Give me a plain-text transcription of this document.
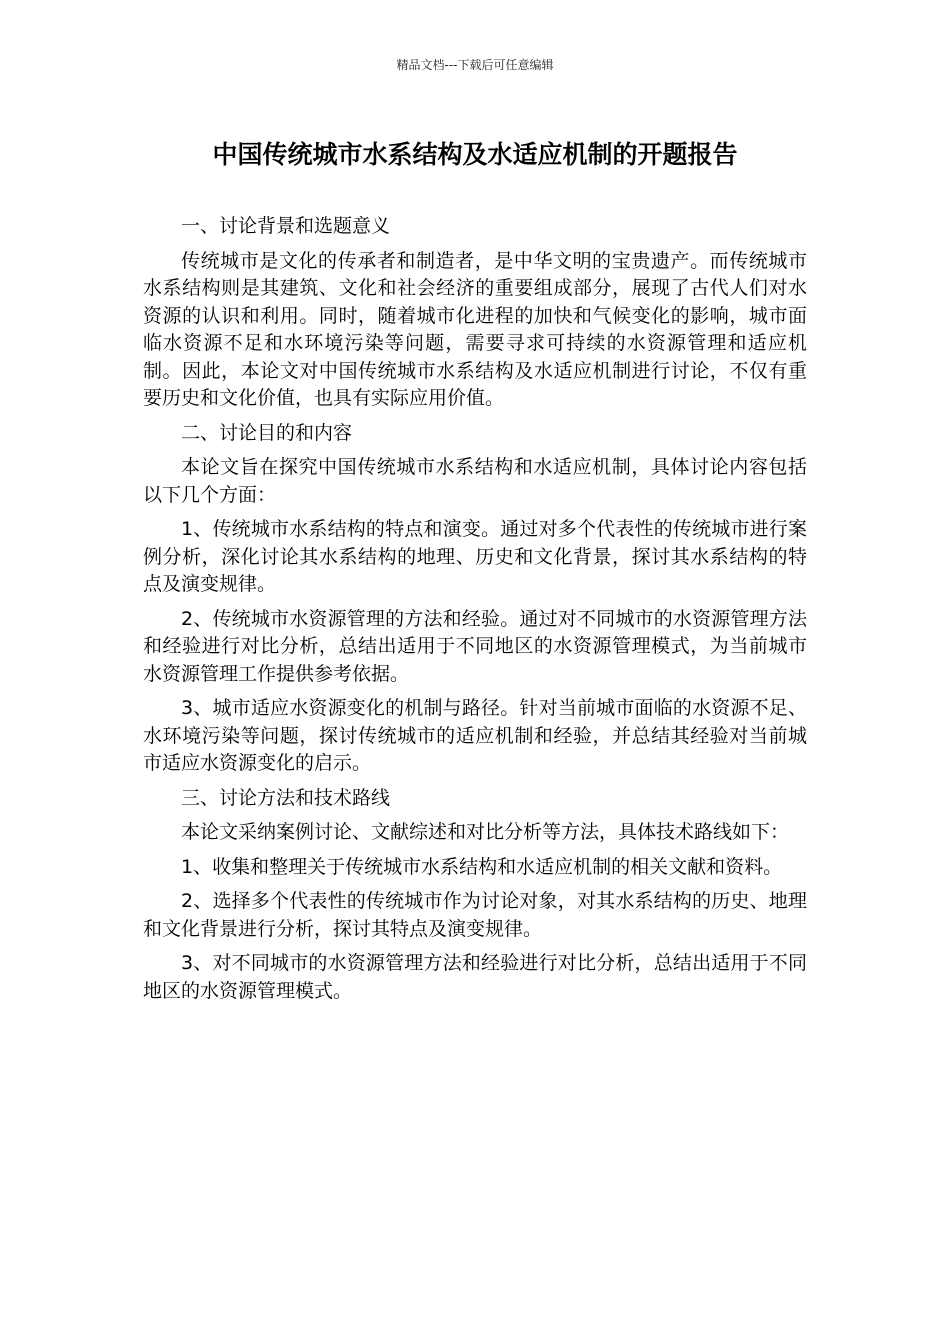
精品文档---下载后可任意编辑
中国传统城市水系结构及水适应机制的开题报告

一、讨论背景和选题意义

传统城市是文化的传承者和制造者，是中华文明的宝贵遗产。而传统城市水系结构则是其建筑、文化和社会经济的重要组成部分，展现了古代人们对水资源的认识和利用。同时，随着城市化进程的加快和气候变化的影响，城市面临水资源不足和水环境污染等问题，需要寻求可持续的水资源管理和适应机制。因此，本论文对中国传统城市水系结构及水适应机制进行讨论，不仅有重要历史和文化价值，也具有实际应用价值。

二、讨论目的和内容

本论文旨在探究中国传统城市水系结构和水适应机制，具体讨论内容包括以下几个方面：

1、传统城市水系结构的特点和演变。通过对多个代表性的传统城市进行案例分析，深化讨论其水系结构的地理、历史和文化背景，探讨其水系结构的特点及演变规律。

2、传统城市水资源管理的方法和经验。通过对不同城市的水资源管理方法和经验进行对比分析，总结出适用于不同地区的水资源管理模式，为当前城市水资源管理工作提供参考依据。

3、城市适应水资源变化的机制与路径。针对当前城市面临的水资源不足、水环境污染等问题，探讨传统城市的适应机制和经验，并总结其经验对当前城市适应水资源变化的启示。

三、讨论方法和技术路线

本论文采纳案例讨论、文献综述和对比分析等方法，具体技术路线如下：

1、收集和整理关于传统城市水系结构和水适应机制的相关文献和资料。

2、选择多个代表性的传统城市作为讨论对象，对其水系结构的历史、地理和文化背景进行分析，探讨其特点及演变规律。

3、对不同城市的水资源管理方法和经验进行对比分析，总结出适用于不同地区的水资源管理模式。
